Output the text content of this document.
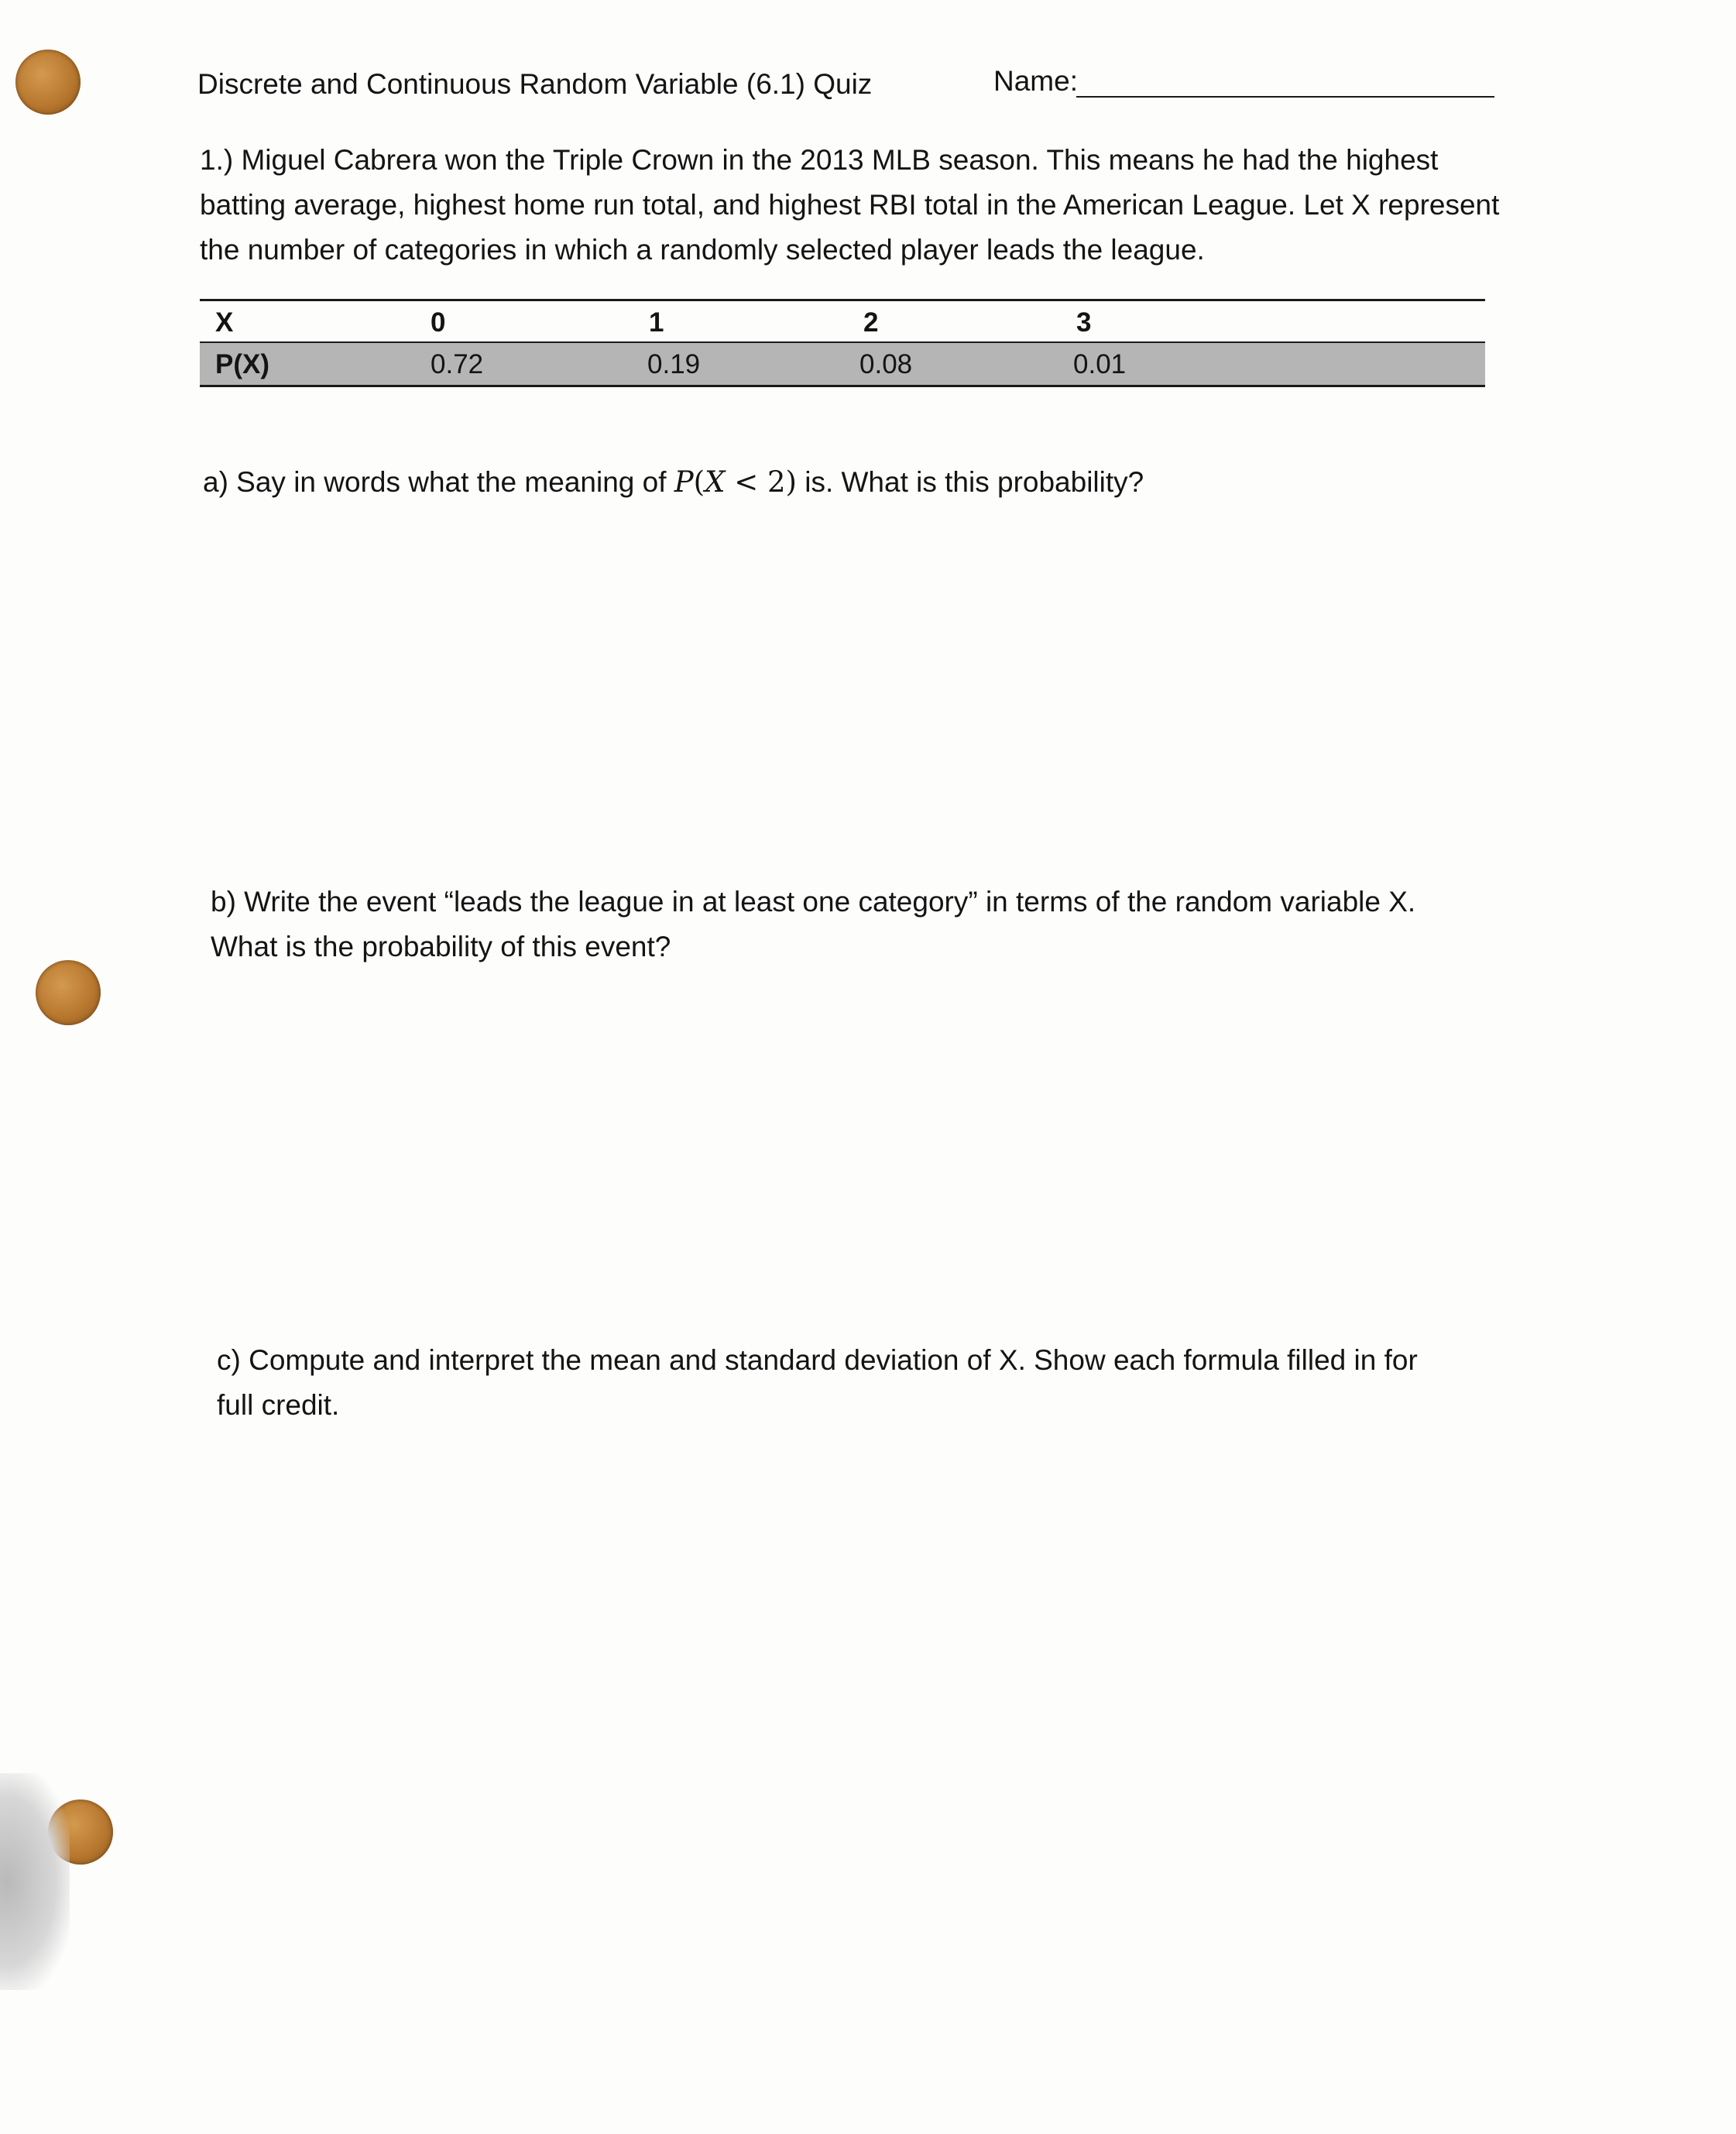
Discrete and Continuous Random Variable (6.1) Quiz	Name:
1.) Miguel Cabrera won the Triple Crown in the 2013 MLB season. This means he had the highest batting average, highest home run total, and highest RBI total in the American League. Let X represent the number of categories in which a randomly selected player leads the league.
X	0	1	2	3
P(X)	0.72	0.19	0.08	0.01
a) Say in words what the meaning of P(X < 2) is. What is this probability?
b) Write the event “leads the league in at least one category” in terms of the random variable X. What is the probability of this event?
c) Compute and interpret the mean and standard deviation of X. Show each formula filled in for full credit.
